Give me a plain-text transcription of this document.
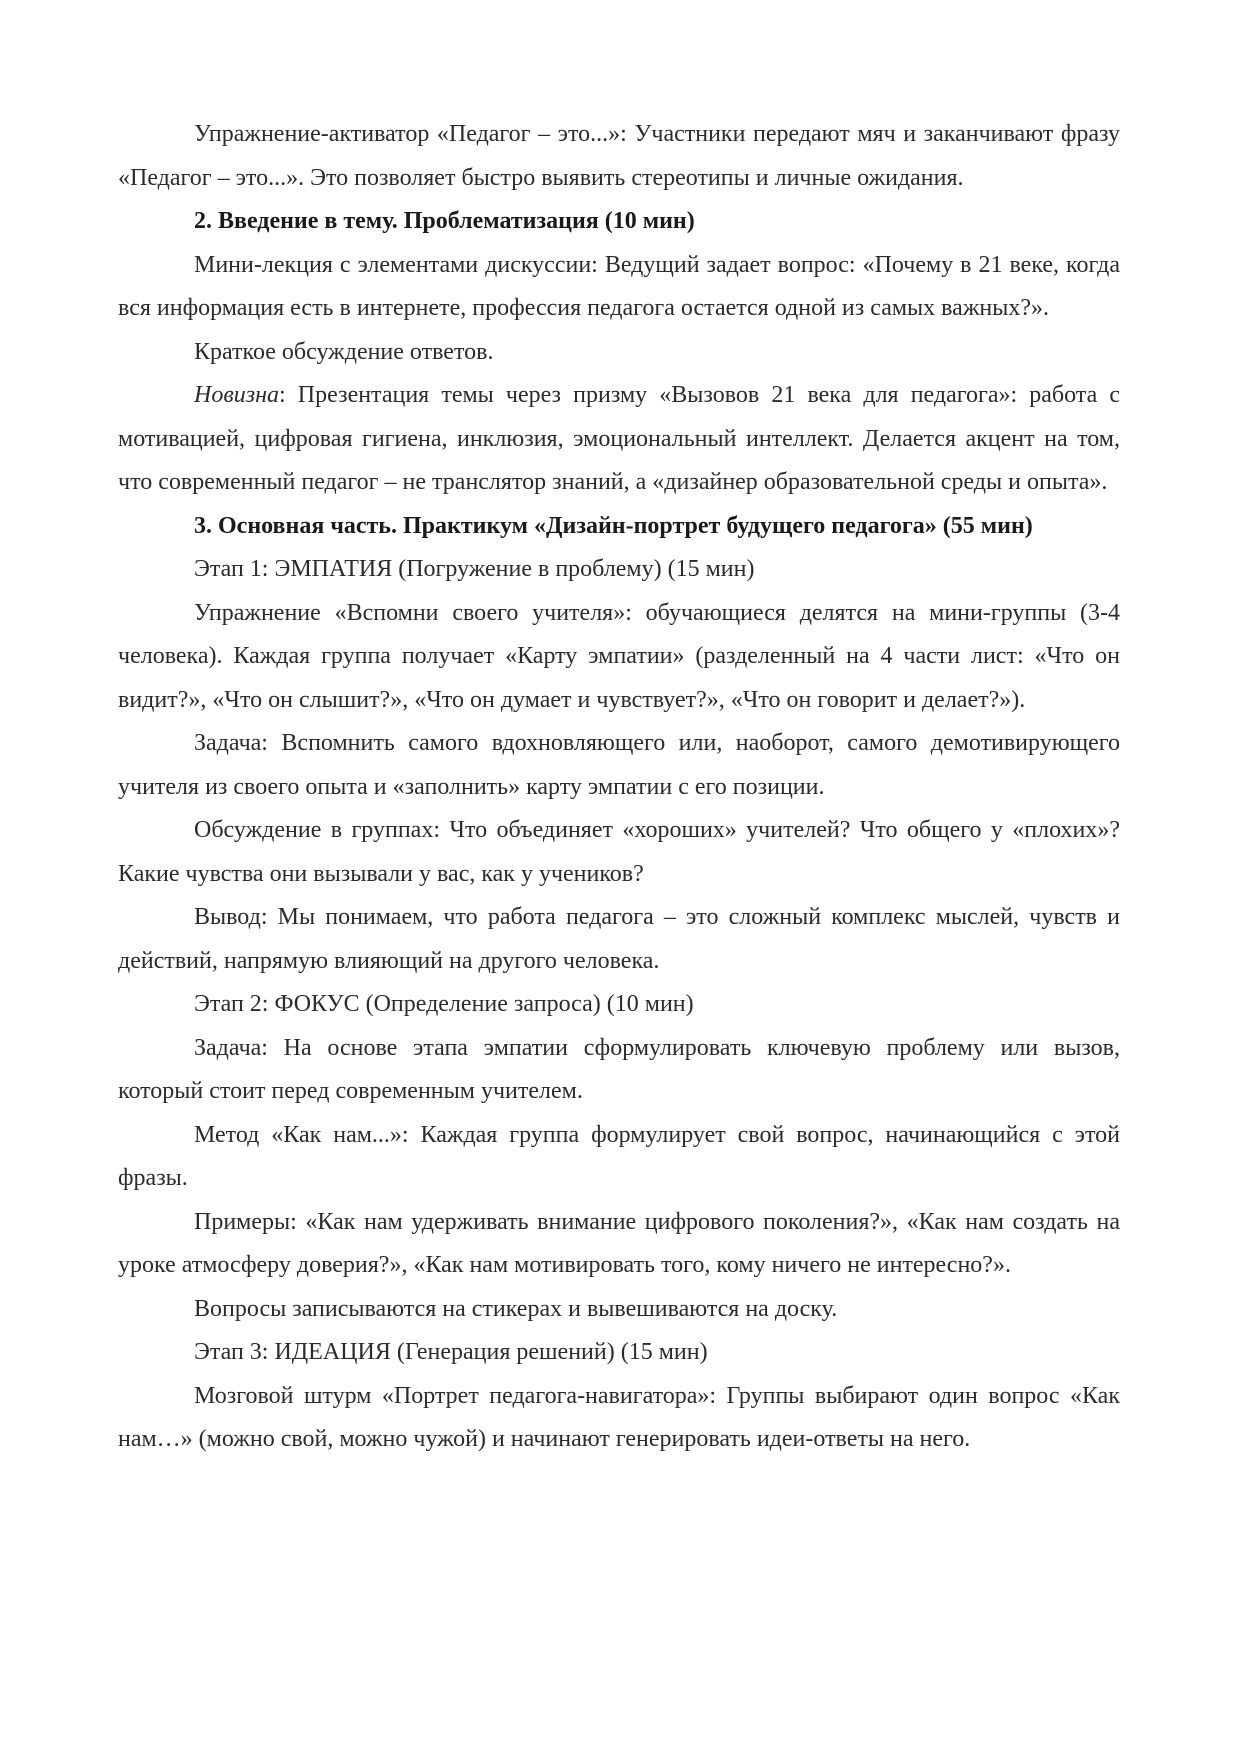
Упражнение-активатор «Педагог – это...»: Участники передают мяч и заканчивают фразу «Педагог – это...». Это позволяет быстро выявить стереотипы и личные ожидания.

2. Введение в тему. Проблематизация (10 мин)

Мини-лекция с элементами дискуссии: Ведущий задает вопрос: «Почему в 21 веке, когда вся информация есть в интернете, профессия педагога остается одной из самых важных?».

Краткое обсуждение ответов.

Новизна: Презентация темы через призму «Вызовов 21 века для педагога»: работа с мотивацией, цифровая гигиена, инклюзия, эмоциональный интеллект. Делается акцент на том, что современный педагог – не транслятор знаний, а «дизайнер образовательной среды и опыта».

3. Основная часть. Практикум «Дизайн-портрет будущего педагога» (55 мин)

Этап 1: ЭМПАТИЯ (Погружение в проблему) (15 мин)

Упражнение «Вспомни своего учителя»: обучающиеся делятся на мини-группы (3-4 человека). Каждая группа получает «Карту эмпатии» (разделенный на 4 части лист: «Что он видит?», «Что он слышит?», «Что он думает и чувствует?», «Что он говорит и делает?»).

Задача: Вспомнить самого вдохновляющего или, наоборот, самого демотивирующего учителя из своего опыта и «заполнить» карту эмпатии с его позиции.

Обсуждение в группах: Что объединяет «хороших» учителей? Что общего у «плохих»? Какие чувства они вызывали у вас, как у учеников?

Вывод: Мы понимаем, что работа педагога – это сложный комплекс мыслей, чувств и действий, напрямую влияющий на другого человека.

Этап 2: ФОКУС (Определение запроса) (10 мин)

Задача: На основе этапа эмпатии сформулировать ключевую проблему или вызов, который стоит перед современным учителем.

Метод «Как нам...»: Каждая группа формулирует свой вопрос, начинающийся с этой фразы.

Примеры: «Как нам удерживать внимание цифрового поколения?», «Как нам создать на уроке атмосферу доверия?», «Как нам мотивировать того, кому ничего не интересно?».

Вопросы записываются на стикерах и вывешиваются на доску.

Этап 3: ИДЕАЦИЯ (Генерация решений) (15 мин)

Мозговой штурм «Портрет педагога-навигатора»: Группы выбирают один вопрос «Как нам…» (можно свой, можно чужой) и начинают генерировать идеи-ответы на него.
